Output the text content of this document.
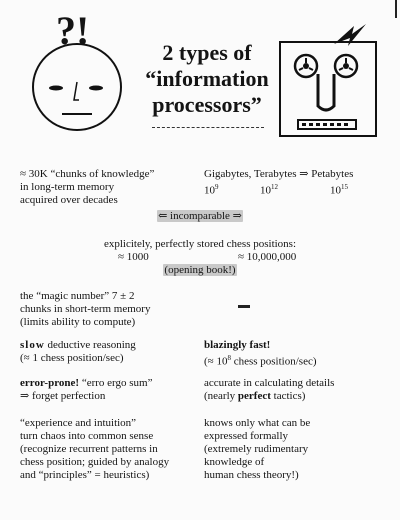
?!	2 types of
“information
processors”
≈ 30K “chunks of knowledge”
in long-term memory
acquired over decades
Gigabytes, Terabytes ⇒ Petabytes
$10^9$	$10^{12}$	$10^{15}$
⇐ incomparable ⇒
explicitely, perfectly stored chess positions:
≈ 1000	≈ 10,000,000
(opening book!)
the “magic number” 7 ± 2
chunks in short-term memory
(limits ability to compute)
slow deductive reasoning
(≈ 1 chess position/sec)
blazingly fast!
(≈ $10^8$ chess position/sec)
error-prone! “erro ergo sum”
⇒ forget perfection
accurate in calculating details
(nearly perfect tactics)
“experience and intuition”
turn chaos into common sense
(recognize recurrent patterns in
chess position; guided by analogy
and “principles” = heuristics)
knows only what can be
expressed formally
(extremely rudimentary
knowledge of
human chess theory!)
